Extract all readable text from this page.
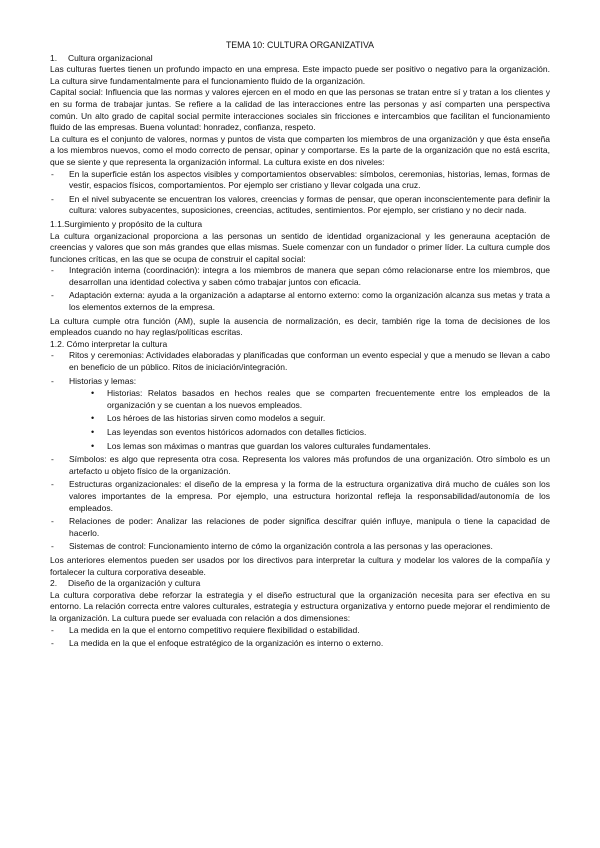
TEMA 10: CULTURA ORGANIZATIVA
1. Cultura organizacional

Las culturas fuertes tienen un profundo impacto en una empresa. Este impacto puede ser positivo o negativo para la organización. La cultura sirve fundamentalmente para el funcionamiento fluido de la organización.

Capital social: Influencia que las normas y valores ejercen en el modo en que las personas se tratan entre sí y tratan a los clientes y en su forma de trabajar juntas. Se refiere a la calidad de las interacciones entre las personas y así comparten una perspectiva común. Un alto grado de capital social permite interacciones sociales sin fricciones e intercambios que facilitan el funcionamiento fluido de las empresas. Buena voluntad: honradez, confianza, respeto.

La cultura es el conjunto de valores, normas y puntos de vista que comparten los miembros de una organización y que ésta enseña a los miembros nuevos, como el modo correcto de pensar, opinar y comportarse. Es la parte de la organización que no está escrita, que se siente y que representa la organización informal. La cultura existe en dos niveles:

- En la superficie están los aspectos visibles y comportamientos observables: símbolos, ceremonias, historias, lemas, formas de vestir, espacios físicos, comportamientos. Por ejemplo ser cristiano y llevar colgada una cruz.
- En el nivel subyacente se encuentran los valores, creencias y formas de pensar, que operan inconscientemente para definir la cultura: valores subyacentes, suposiciones, creencias, actitudes, sentimientos. Por ejemplo, ser cristiano y no decir nada.
1.1.Surgimiento y propósito de la cultura

La cultura organizacional proporciona a las personas un sentido de identidad organizacional y les generauna aceptación de creencias y valores que son más grandes que ellas mismas. Suele comenzar con un fundador o primer líder. La cultura cumple dos funciones críticas, en las que se ocupa de construir el capital social:

- Integración interna (coordinación): integra a los miembros de manera que sepan cómo relacionarse entre los miembros, que desarrollan una identidad colectiva y saben cómo trabajar juntos con eficacia.
- Adaptación externa: ayuda a la organización a adaptarse al entorno externo: como la organización alcanza sus metas y trata a los elementos externos de la empresa.

La cultura cumple otra función (AM), suple la ausencia de normalización, es decir, también rige la toma de decisiones de los empleados cuando no hay reglas/políticas escritas.

1.2. Cómo interpretar la cultura
- Ritos y ceremonias: Actividades elaboradas y planificadas que conforman un evento especial y que a menudo se llevan a cabo en beneficio de un público. Ritos de iniciación/integración.
- Historias y lemas:
• Historias: Relatos basados en hechos reales que se comparten frecuentemente entre los empleados de la organización y se cuentan a los nuevos empleados.
• Los héroes de las historias sirven como modelos a seguir.
• Las leyendas son eventos históricos adornados con detalles ficticios.
• Los lemas son máximas o mantras que guardan los valores culturales fundamentales.
- Símbolos: es algo que representa otra cosa. Representa los valores más profundos de una organización. Otro símbolo es un artefacto u objeto físico de la organización.
- Estructuras organizacionales: el diseño de la empresa y la forma de la estructura organizativa dirá mucho de cuáles son los valores importantes de la empresa. Por ejemplo, una estructura horizontal refleja la responsabilidad/autonomía de los empleados.
- Relaciones de poder: Analizar las relaciones de poder significa descifrar quién influye, manipula o tiene la capacidad de hacerlo.
- Sistemas de control: Funcionamiento interno de cómo la organización controla a las personas y las operaciones.

Los anteriores elementos pueden ser usados por los directivos para interpretar la cultura y modelar los valores de la compañía y fortalecer la cultura corporativa deseable.

2. Diseño de la organización y cultura

La cultura corporativa debe reforzar la estrategia y el diseño estructural que la organización necesita para ser efectiva en su entorno. La relación correcta entre valores culturales, estrategia y estructura organizativa y entorno puede mejorar el rendimiento de la organización. La cultura puede ser evaluada con relación a dos dimensiones:

- La medida en la que el entorno competitivo requiere flexibilidad o estabilidad.
- La medida en la que el enfoque estratégico de la organización es interno o externo.
